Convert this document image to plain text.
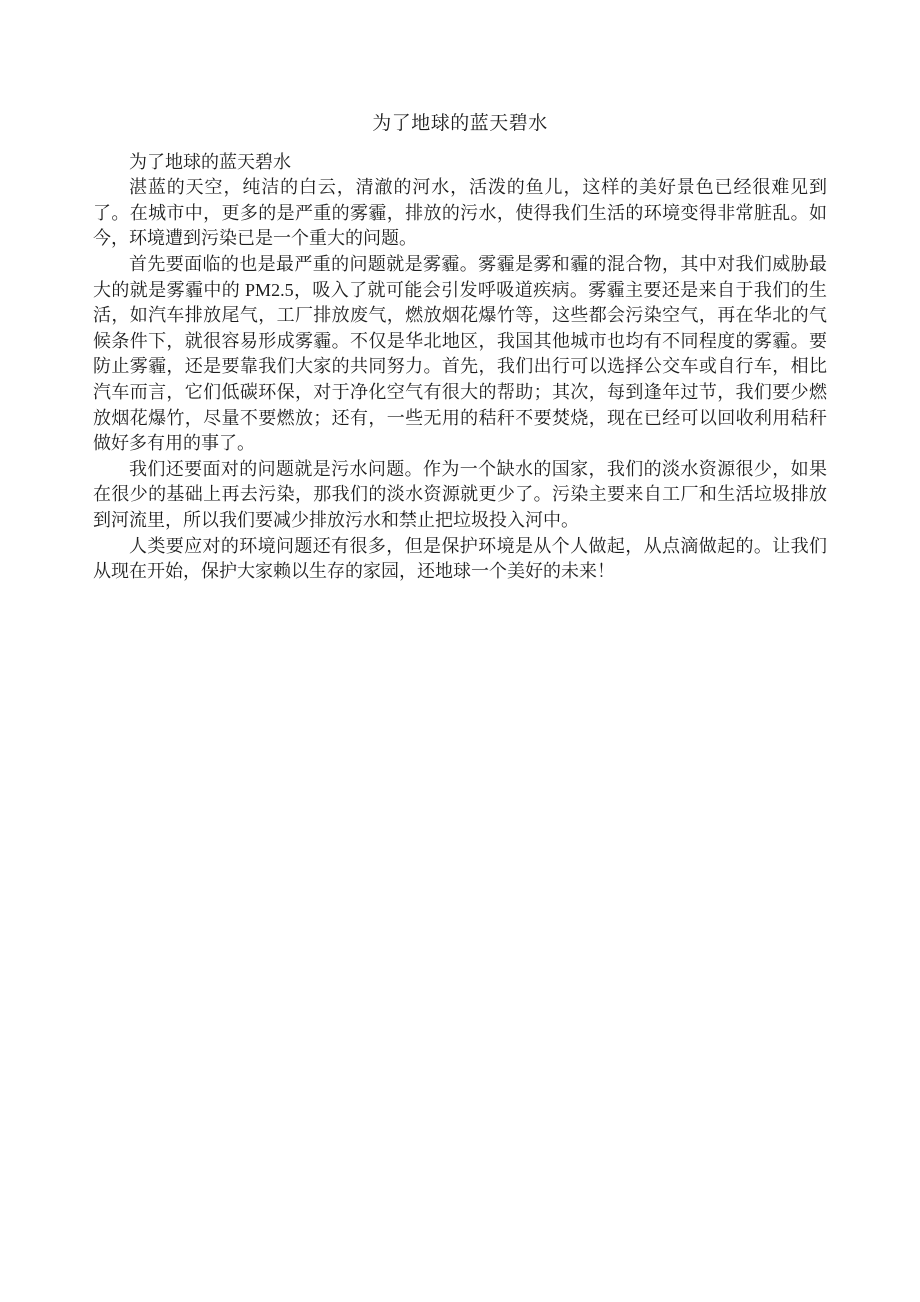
为了地球的蓝天碧水

为了地球的蓝天碧水

湛蓝的天空，纯洁的白云，清澈的河水，活泼的鱼儿，这样的美好景色已经很难见到了。在城市中，更多的是严重的雾霾，排放的污水，使得我们生活的环境变得非常脏乱。如今，环境遭到污染已是一个重大的问题。

首先要面临的也是最严重的问题就是雾霾。雾霾是雾和霾的混合物，其中对我们威胁最大的就是雾霾中的 PM2.5，吸入了就可能会引发呼吸道疾病。雾霾主要还是来自于我们的生活，如汽车排放尾气，工厂排放废气，燃放烟花爆竹等，这些都会污染空气，再在华北的气候条件下，就很容易形成雾霾。不仅是华北地区，我国其他城市也均有不同程度的雾霾。要防止雾霾，还是要靠我们大家的共同努力。首先，我们出行可以选择公交车或自行车，相比汽车而言，它们低碳环保，对于净化空气有很大的帮助；其次，每到逢年过节，我们要少燃放烟花爆竹，尽量不要燃放；还有，一些无用的秸秆不要焚烧，现在已经可以回收利用秸秆做好多有用的事了。

我们还要面对的问题就是污水问题。作为一个缺水的国家，我们的淡水资源很少，如果在很少的基础上再去污染，那我们的淡水资源就更少了。污染主要来自工厂和生活垃圾排放到河流里，所以我们要减少排放污水和禁止把垃圾投入河中。

人类要应对的环境问题还有很多，但是保护环境是从个人做起，从点滴做起的。让我们从现在开始，保护大家赖以生存的家园，还地球一个美好的未来！
